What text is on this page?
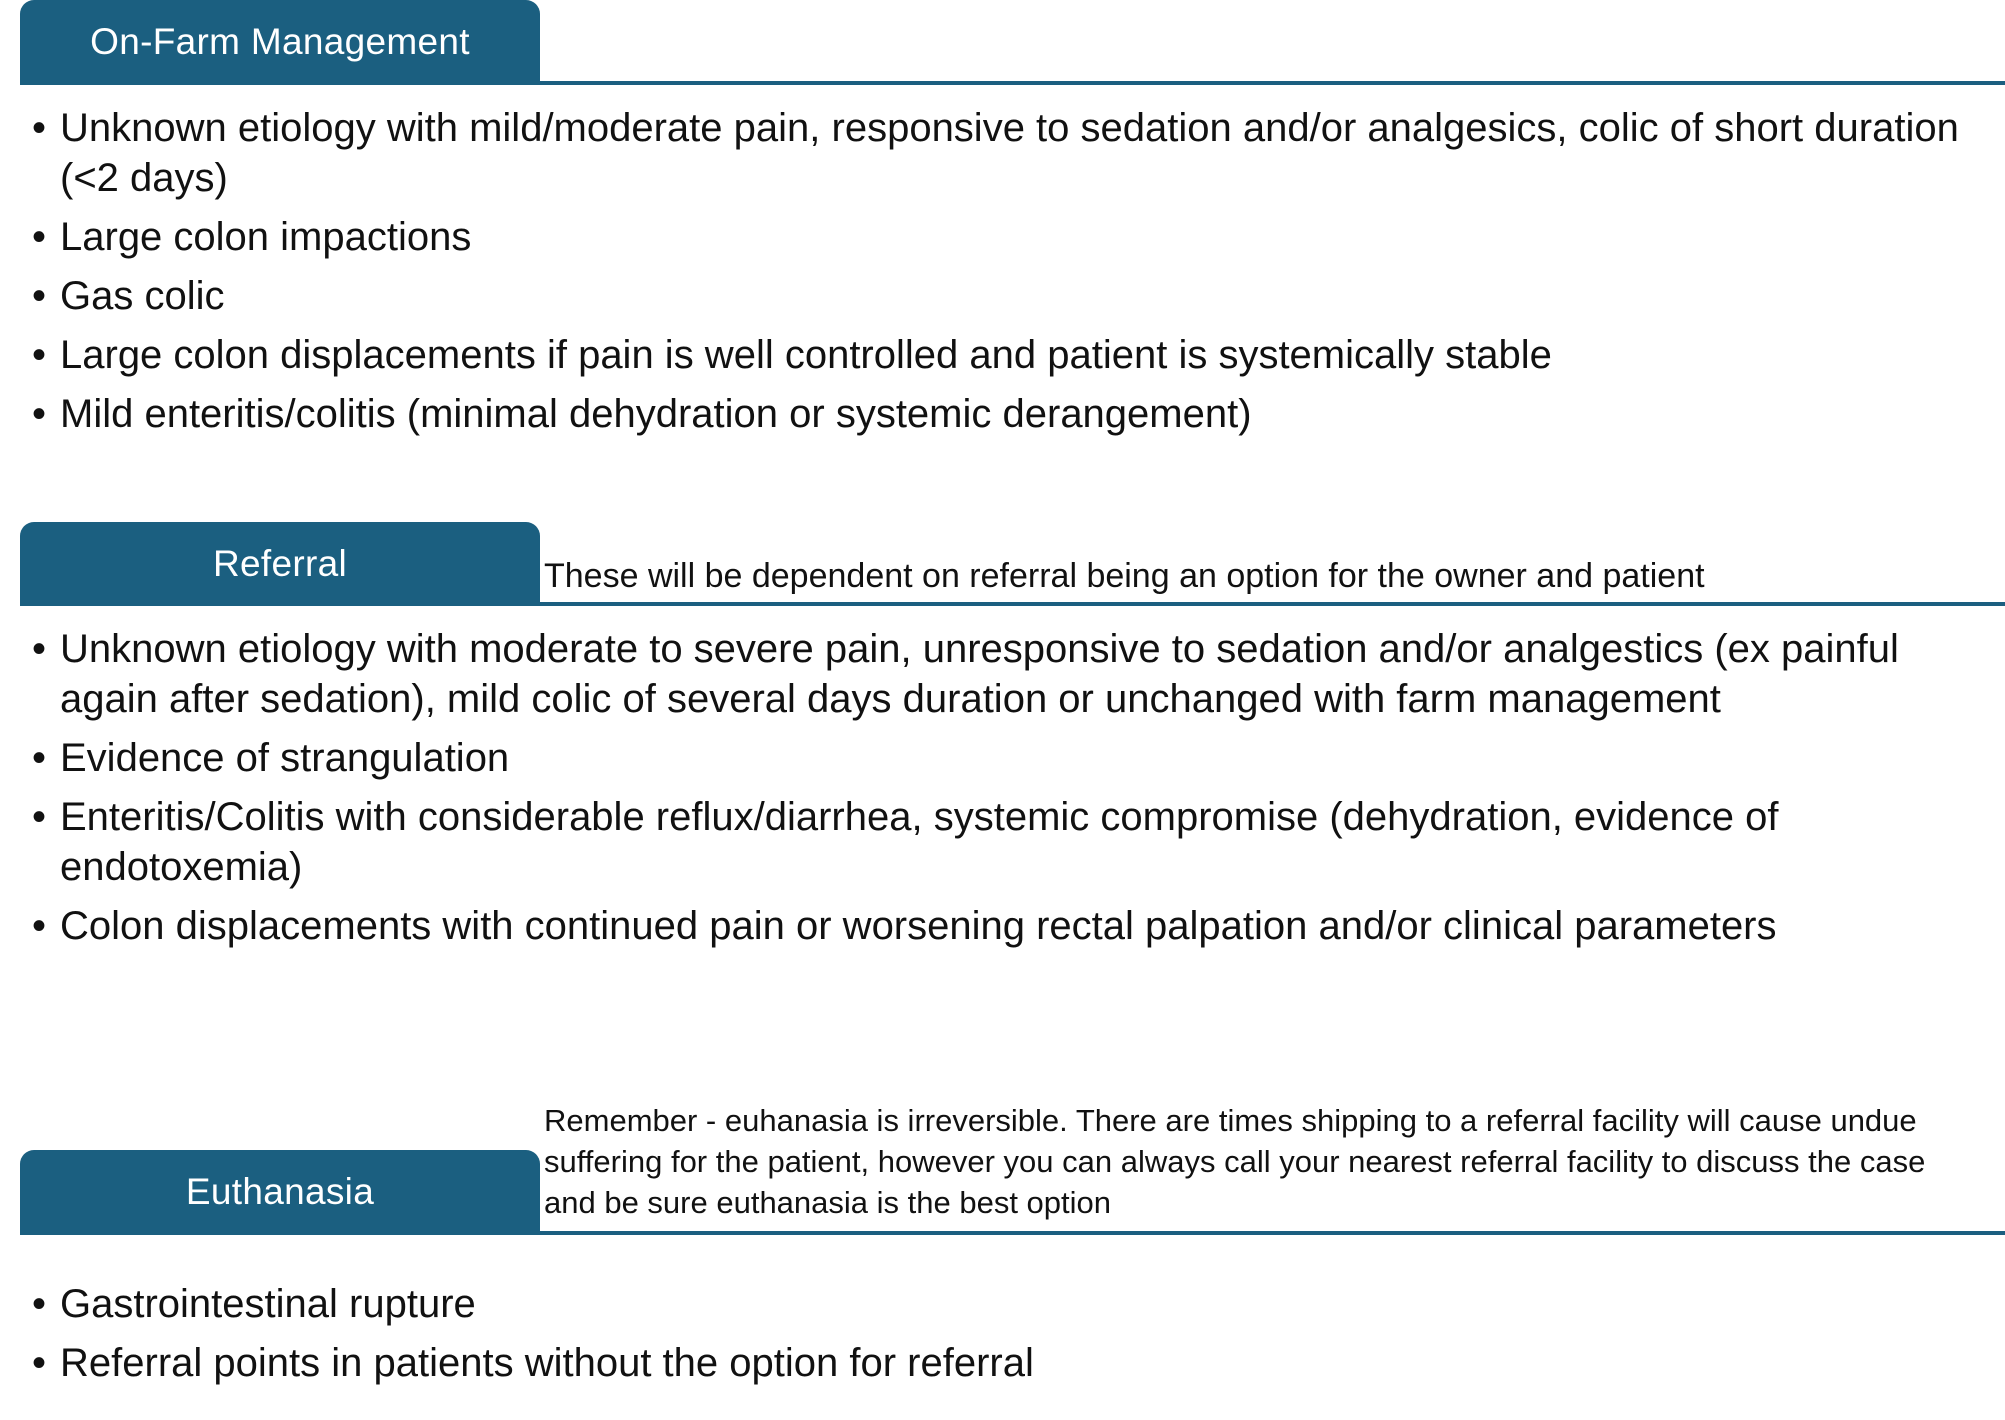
On-Farm Management
• Unknown etiology with mild/moderate pain, responsive to sedation and/or analgesics, colic of short duration (<2 days)
• Large colon impactions
• Gas colic
• Large colon displacements if pain is well controlled and patient is systemically stable
• Mild enteritis/colitis (minimal dehydration or systemic derangement)
Referral	These will be dependent on referral being an option for the owner and patient
• Unknown etiology with moderate to severe pain, unresponsive to sedation and/or analgestics (ex painful again after sedation), mild colic of several days duration or unchanged with farm management
• Evidence of strangulation
• Enteritis/Colitis with considerable reflux/diarrhea, systemic compromise (dehydration, evidence of endotoxemia)
• Colon displacements with continued pain or worsening rectal palpation and/or clinical parameters
Remember - euhanasia is irreversible. There are times shipping to a referral facility will cause undue suffering for the patient, however you can always call your nearest referral facility to discuss the case and be sure euthanasia is the best option
Euthanasia
• Gastrointestinal rupture
• Referral points in patients without the option for referral
